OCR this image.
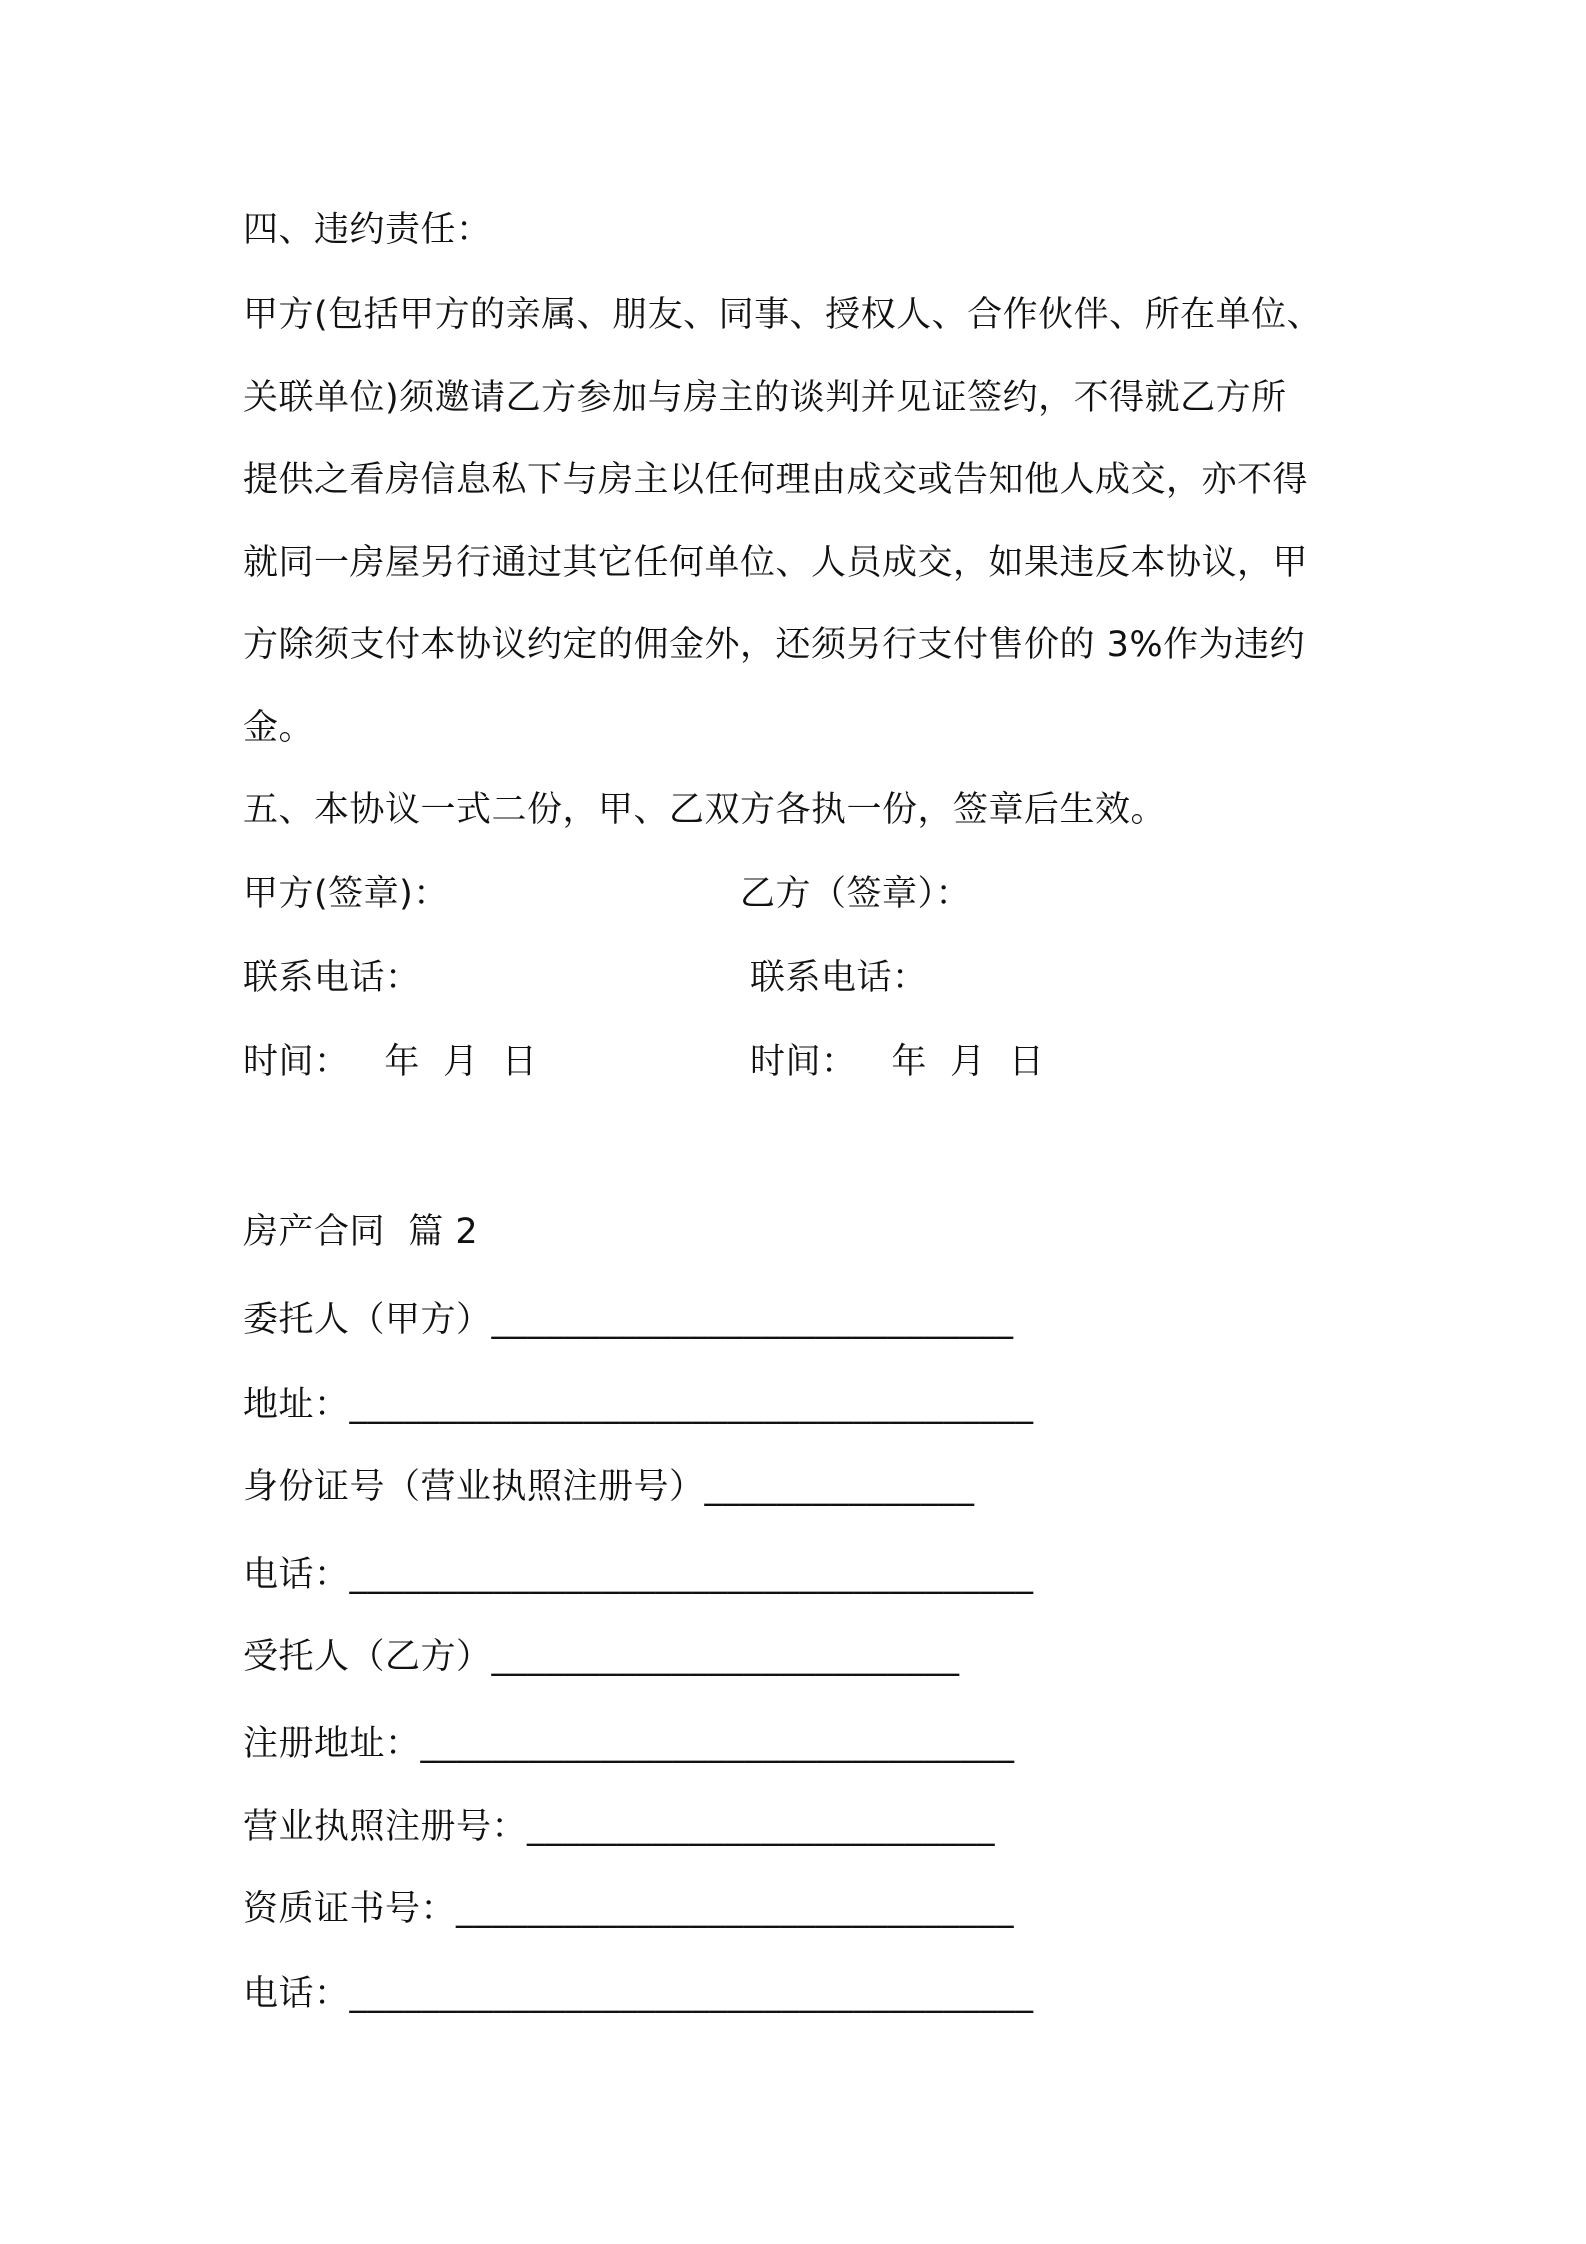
四、违约责任：
甲方(包括甲方的亲属、朋友、同事、授权人、合作伙伴、所在单位、
关联单位)须邀请乙方参加与房主的谈判并见证签约，不得就乙方所
提供之看房信息私下与房主以任何理由成交或告知他人成交，亦不得
就同一房屋另行通过其它任何单位、人员成交，如果违反本协议，甲
方除须支付本协议约定的佣金外，还须另行支付售价的 3%作为违约
金。
五、本协议一式二份，甲、乙双方各执一份，签章后生效。
甲方(签章)：	乙方（签章）：
联系电话：	联系电话：
时间：   年  月  日	时间：   年  月  日
房产合同  篇 2
委托人（甲方）_____________________________
地址：______________________________________
身份证号（营业执照注册号）_______________
电话：______________________________________
受托人（乙方）__________________________
注册地址：_________________________________
营业执照注册号：__________________________
资质证书号：_______________________________
电话：______________________________________
